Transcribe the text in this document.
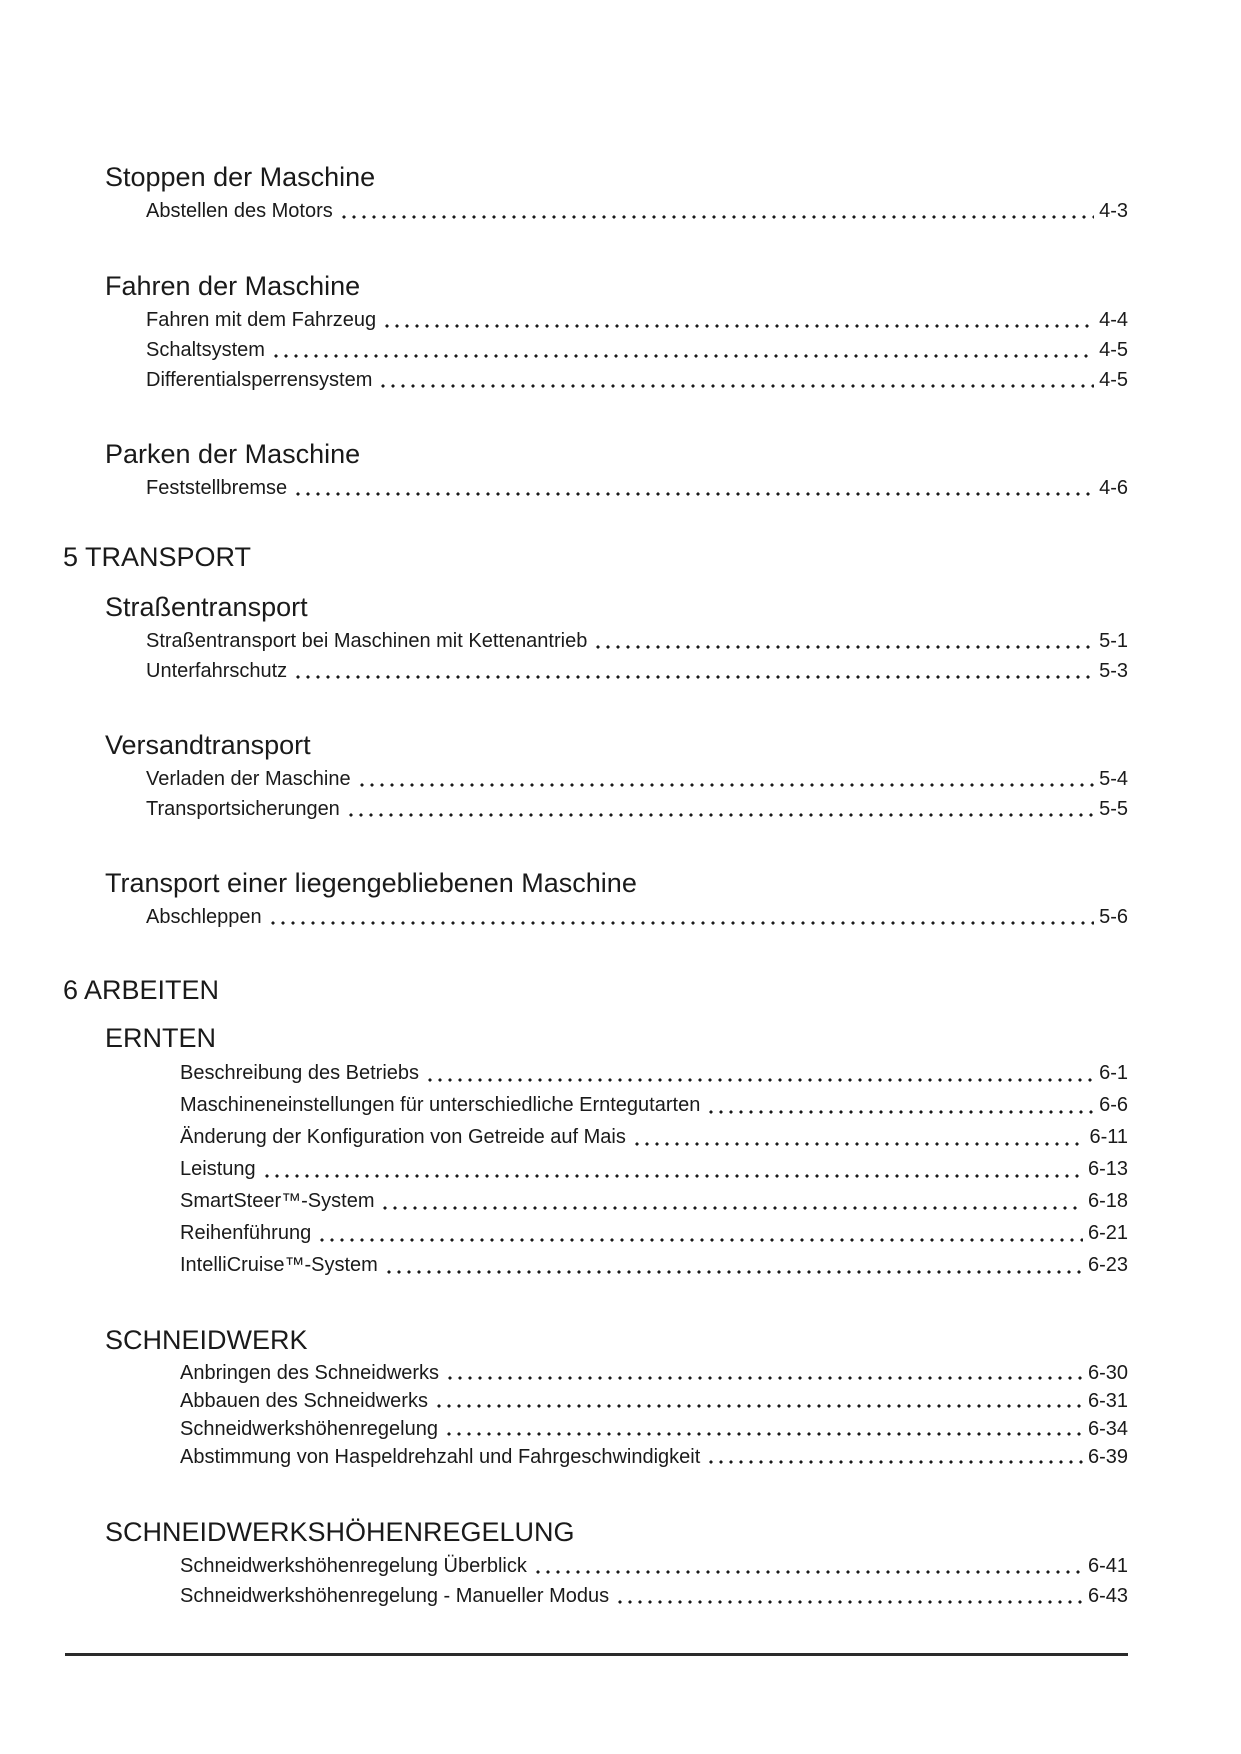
Stoppen der Maschine
Abstellen des Motors	4-3
Fahren der Maschine
Fahren mit dem Fahrzeug	4-4
Schaltsystem	4-5
Differentialsperrensystem	4-5
Parken der Maschine
Feststellbremse	4-6
5 TRANSPORT
Straßentransport
Straßentransport bei Maschinen mit Kettenantrieb	5-1
Unterfahrschutz	5-3
Versandtransport
Verladen der Maschine	5-4
Transportsicherungen	5-5
Transport einer liegengebliebenen Maschine
Abschleppen	5-6
6 ARBEITEN
ERNTEN
Beschreibung des Betriebs	6-1
Maschineneinstellungen für unterschiedliche Erntegutarten	6-6
Änderung der Konfiguration von Getreide auf Mais	6-11
Leistung	6-13
SmartSteer™-System	6-18
Reihenführung	6-21
IntelliCruise™-System	6-23
SCHNEIDWERK
Anbringen des Schneidwerks	6-30
Abbauen des Schneidwerks	6-31
Schneidwerkshöhenregelung	6-34
Abstimmung von Haspeldrehzahl und Fahrgeschwindigkeit	6-39
SCHNEIDWERKSHÖHENREGELUNG
Schneidwerkshöhenregelung Überblick	6-41
Schneidwerkshöhenregelung - Manueller Modus	6-43
